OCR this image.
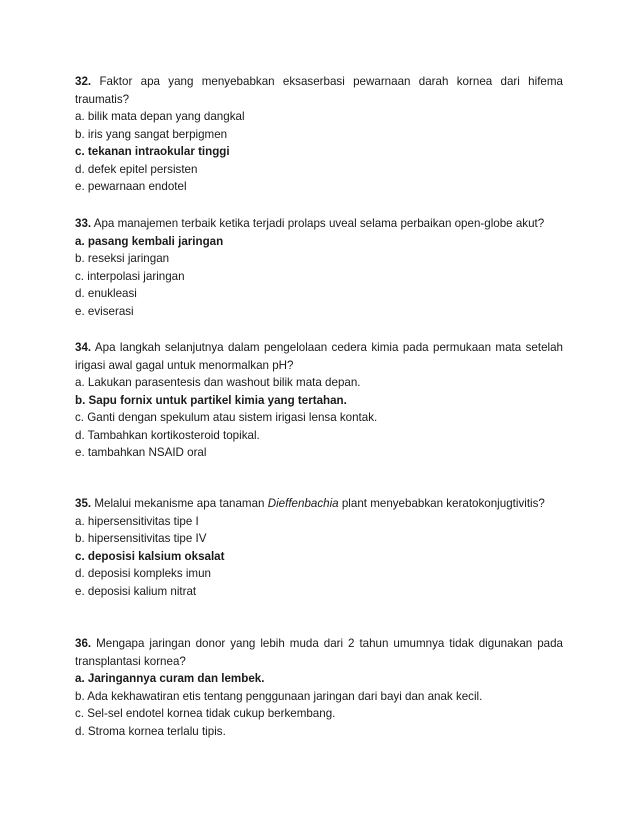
32. Faktor apa yang menyebabkan eksaserbasi pewarnaan darah kornea dari hifema traumatis?

a. bilik mata depan yang dangkal
b. iris yang sangat berpigmen
c. tekanan intraokular tinggi
d. defek epitel persisten
e. pewarnaan endotel

33. Apa manajemen terbaik ketika terjadi prolaps uveal selama perbaikan open-globe akut?

a. pasang kembali jaringan
b. reseksi jaringan
c. interpolasi jaringan
d. enukleasi
e. eviserasi

34. Apa langkah selanjutnya dalam pengelolaan cedera kimia pada permukaan mata setelah irigasi awal gagal untuk menormalkan pH?

a. Lakukan parasentesis dan washout bilik mata depan.
b. Sapu fornix untuk partikel kimia yang tertahan.
c. Ganti dengan spekulum atau sistem irigasi lensa kontak.
d. Tambahkan kortikosteroid topikal.
e. tambahkan NSAID oral

35. Melalui mekanisme apa tanaman Dieffenbachia plant menyebabkan keratokonjugtivitis?

a. hipersensitivitas tipe I
b. hipersensitivitas tipe IV
c. deposisi kalsium oksalat
d. deposisi kompleks imun
e. deposisi kalium nitrat

36. Mengapa jaringan donor yang lebih muda dari 2 tahun umumnya tidak digunakan pada transplantasi kornea?

a. Jaringannya curam dan lembek.
b. Ada kekhawatiran etis tentang penggunaan jaringan dari bayi dan anak kecil.
c. Sel-sel endotel kornea tidak cukup berkembang.
d. Stroma kornea terlalu tipis.
